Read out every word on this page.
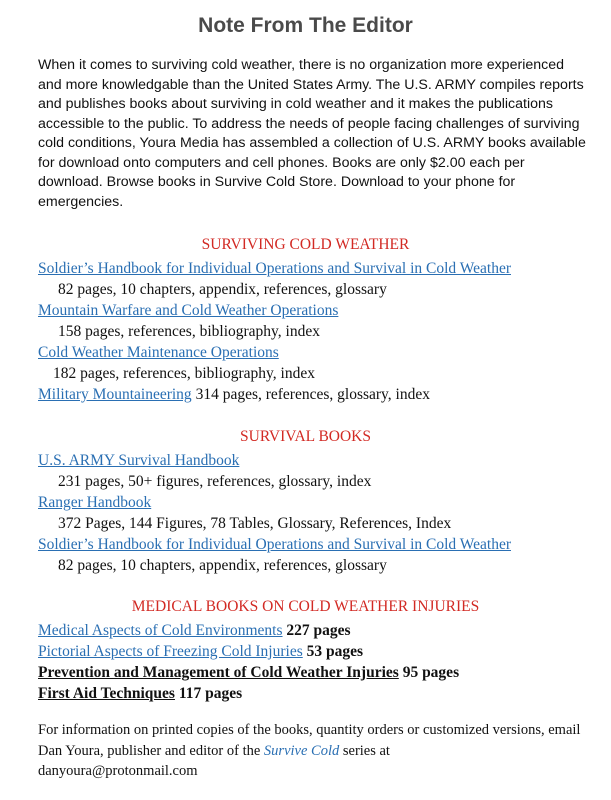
Note From The Editor

When it comes to surviving cold weather, there is no organization more experienced and more knowledgable than the United States Army. The U.S. ARMY compiles reports and publishes books about surviving in cold weather and it makes the publications accessible to the public. To address the needs of people facing challenges of surviving cold conditions, Youra Media has assembled a collection of U.S. ARMY books available for download onto computers and cell phones. Books are only $2.00 each per download. Browse books in Survive Cold Store. Download to your phone for emergencies.

SURVIVING COLD WEATHER

Soldier’s Handbook for Individual Operations and Survival in Cold Weather
82 pages, 10 chapters, appendix, references, glossary
Mountain Warfare and Cold Weather Operations
158 pages, references, bibliography, index
Cold Weather Maintenance Operations
182 pages, references, bibliography, index
Military Mountaineering 314 pages, references, glossary, index

SURVIVAL BOOKS

U.S. ARMY Survival Handbook
231 pages, 50+ figures, references, glossary, index
Ranger Handbook
372 Pages, 144 Figures, 78 Tables, Glossary, References, Index
Soldier’s Handbook for Individual Operations and Survival in Cold Weather
82 pages, 10 chapters, appendix, references, glossary

MEDICAL BOOKS ON COLD WEATHER INJURIES

Medical Aspects of Cold Environments 227 pages
Pictorial Aspects of Freezing Cold Injuries 53 pages
Prevention and Management of Cold Weather Injuries 95 pages
First Aid Techniques 117 pages

For information on printed copies of the books, quantity orders or customized versions, email Dan Youra, publisher and editor of the Survive Cold series at
danyoura@protonmail.com
